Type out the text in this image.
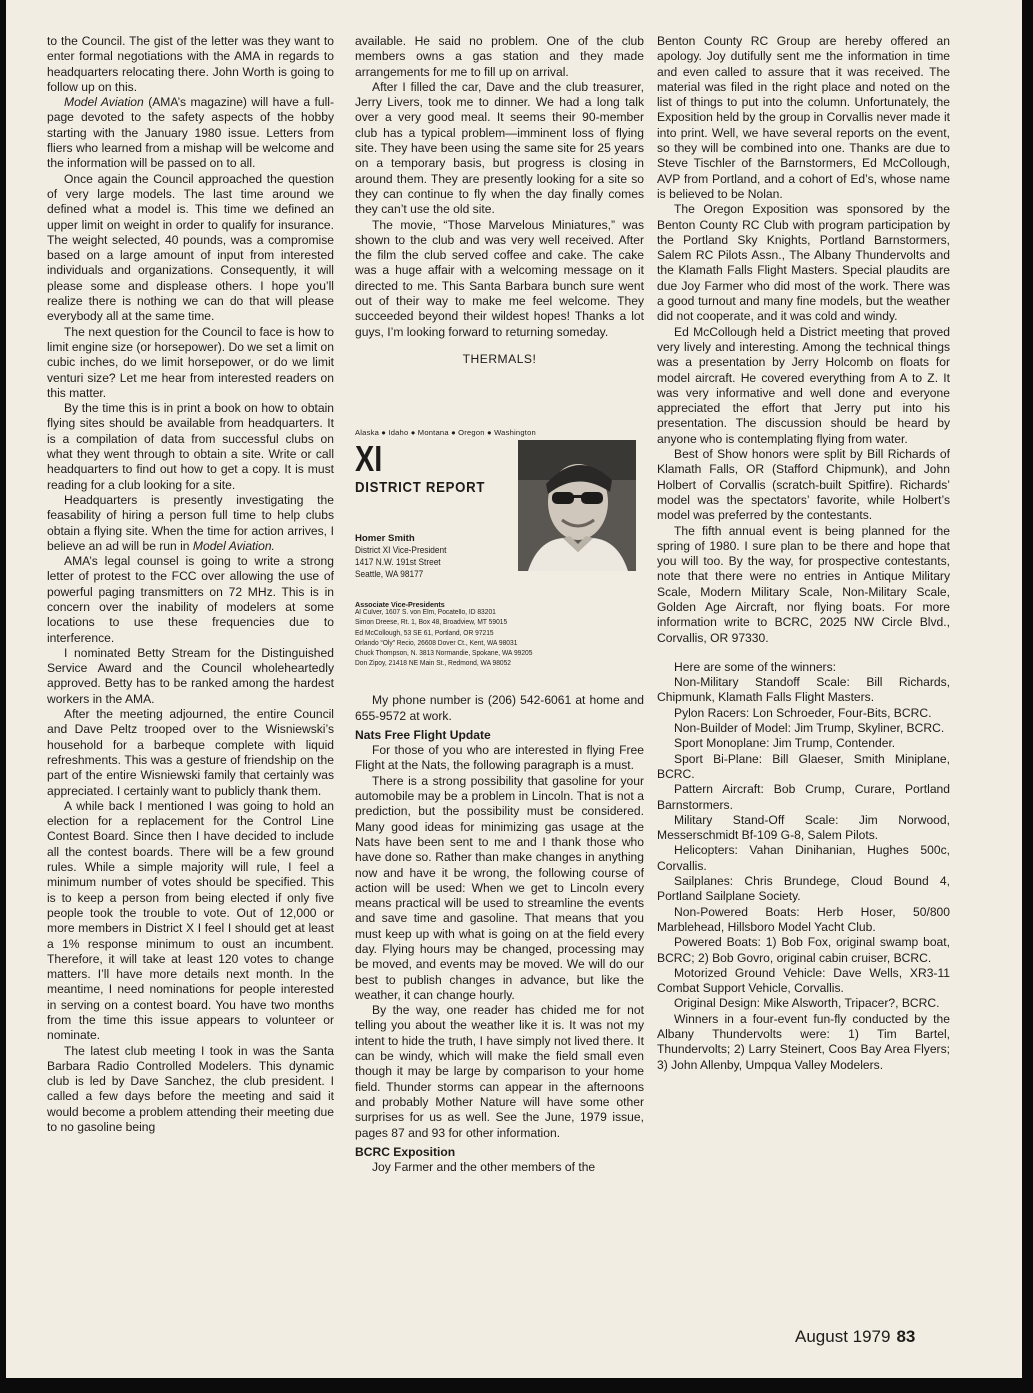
to the Council. The gist of the letter was they want to enter formal negotiations with the AMA in regards to headquarters relocating there. John Worth is going to follow up on this.

Model Aviation (AMA’s magazine) will have a full-page devoted to the safety aspects of the hobby starting with the January 1980 issue. Letters from fliers who learned from a mishap will be welcome and the information will be passed on to all.

Once again the Council approached the question of very large models. The last time around we defined what a model is. This time we defined an upper limit on weight in order to qualify for insurance. The weight selected, 40 pounds, was a compromise based on a large amount of input from interested individuals and organizations. Consequently, it will please some and displease others. I hope you’ll realize there is nothing we can do that will please everybody all at the same time.

The next question for the Council to face is how to limit engine size (or horsepower). Do we set a limit on cubic inches, do we limit horsepower, or do we limit venturi size? Let me hear from interested readers on this matter.

By the time this is in print a book on how to obtain flying sites should be available from headquarters. It is a compilation of data from successful clubs on what they went through to obtain a site. Write or call headquarters to find out how to get a copy. It is must reading for a club looking for a site.

Headquarters is presently investigating the feasability of hiring a person full time to help clubs obtain a flying site. When the time for action arrives, I believe an ad will be run in Model Aviation.

AMA’s legal counsel is going to write a strong letter of protest to the FCC over allowing the use of powerful paging transmitters on 72 MHz. This is in concern over the inability of modelers at some locations to use these frequencies due to interference.

I nominated Betty Stream for the Distinguished Service Award and the Council wholeheartedly approved. Betty has to be ranked among the hardest workers in the AMA.

After the meeting adjourned, the entire Council and Dave Peltz trooped over to the Wisniewski’s household for a barbeque complete with liquid refreshments. This was a gesture of friendship on the part of the entire Wisniewski family that certainly was appreciated. I certainly want to publicly thank them.

A while back I mentioned I was going to hold an election for a replacement for the Control Line Contest Board. Since then I have decided to include all the contest boards. There will be a few ground rules. While a simple majority will rule, I feel a minimum number of votes should be specified. This is to keep a person from being elected if only five people took the trouble to vote. Out of 12,000 or more members in District X I feel I should get at least a 1% response minimum to oust an incumbent. Therefore, it will take at least 120 votes to change matters. I’ll have more details next month. In the meantime, I need nominations for people interested in serving on a contest board. You have two months from the time this issue appears to volunteer or nominate.

The latest club meeting I took in was the Santa Barbara Radio Controlled Modelers. This dynamic club is led by Dave Sanchez, the club president. I called a few days before the meeting and said it would become a problem attending their meeting due to no gasoline being

available. He said no problem. One of the club members owns a gas station and they made arrangements for me to fill up on arrival.

After I filled the car, Dave and the club treasurer, Jerry Livers, took me to dinner. We had a long talk over a very good meal. It seems their 90-member club has a typical problem—imminent loss of flying site. They have been using the same site for 25 years on a temporary basis, but progress is closing in around them. They are presently looking for a site so they can continue to fly when the day finally comes they can’t use the old site.

The movie, “Those Marvelous Miniatures,” was shown to the club and was very well received. After the film the club served coffee and cake. The cake was a huge affair with a welcoming message on it directed to me. This Santa Barbara bunch sure went out of their way to make me feel welcome. They succeeded beyond their wildest hopes! Thanks a lot guys, I’m looking forward to returning someday.

THERMALS!

Alaska ● Idaho ● Montana ● Oregon ● Washington
XI
DISTRICT REPORT
Homer Smith
District XI Vice-President
1417 N.W. 191st Street
Seattle, WA 98177
Associate Vice-Presidents
Al Culver, 1607 S. von Elm, Pocatello, ID 83201
Simon Dreese, Rt. 1, Box 48, Broadview, MT 59015
Ed McCollough, 53 SE 61, Portland, OR 97215
Orlando “Oly” Recio, 26608 Dover Ct., Kent, WA 98031
Chuck Thompson, N. 3813 Normandie, Spokane, WA 99205
Don Zipoy, 21418 NE Main St., Redmond, WA 98052

My phone number is (206) 542-6061 at home and 655-9572 at work.

Nats Free Flight Update

For those of you who are interested in flying Free Flight at the Nats, the following paragraph is a must.

There is a strong possibility that gasoline for your automobile may be a problem in Lincoln. That is not a prediction, but the possibility must be considered. Many good ideas for minimizing gas usage at the Nats have been sent to me and I thank those who have done so. Rather than make changes in anything now and have it be wrong, the following course of action will be used: When we get to Lincoln every means practical will be used to streamline the events and save time and gasoline. That means that you must keep up with what is going on at the field every day. Flying hours may be changed, processing may be moved, and events may be moved. We will do our best to publish changes in advance, but like the weather, it can change hourly.

By the way, one reader has chided me for not telling you about the weather like it is. It was not my intent to hide the truth, I have simply not lived there. It can be windy, which will make the field small even though it may be large by comparison to your home field. Thunder storms can appear in the afternoons and probably Mother Nature will have some other surprises for us as well. See the June, 1979 issue, pages 87 and 93 for other information.

BCRC Exposition

Joy Farmer and the other members of the

Benton County RC Group are hereby offered an apology. Joy dutifully sent me the information in time and even called to assure that it was received. The material was filed in the right place and noted on the list of things to put into the column. Unfortunately, the Exposition held by the group in Corvallis never made it into print. Well, we have several reports on the event, so they will be combined into one. Thanks are due to Steve Tischler of the Barnstormers, Ed McCollough, AVP from Portland, and a cohort of Ed’s, whose name is believed to be Nolan.

The Oregon Exposition was sponsored by the Benton County RC Club with program participation by the Portland Sky Knights, Portland Barnstormers, Salem RC Pilots Assn., The Albany Thundervolts and the Klamath Falls Flight Masters. Special plaudits are due Joy Farmer who did most of the work. There was a good turnout and many fine models, but the weather did not cooperate, and it was cold and windy.

Ed McCollough held a District meeting that proved very lively and interesting. Among the technical things was a presentation by Jerry Holcomb on floats for model aircraft. He covered everything from A to Z. It was very informative and well done and everyone appreciated the effort that Jerry put into his presentation. The discussion should be heard by anyone who is contemplating flying from water.

Best of Show honors were split by Bill Richards of Klamath Falls, OR (Stafford Chipmunk), and John Holbert of Corvallis (scratch-built Spitfire). Richards’ model was the spectators’ favorite, while Holbert’s model was preferred by the contestants.

The fifth annual event is being planned for the spring of 1980. I sure plan to be there and hope that you will too. By the way, for prospective contestants, note that there were no entries in Antique Military Scale, Modern Military Scale, Non-Military Scale, Golden Age Aircraft, nor flying boats. For more information write to BCRC, 2025 NW Circle Blvd., Corvallis, OR 97330.

Here are some of the winners:

Non-Military Standoff Scale: Bill Richards, Chipmunk, Klamath Falls Flight Masters.

Pylon Racers: Lon Schroeder, Four-Bits, BCRC.

Non-Builder of Model: Jim Trump, Skyliner, BCRC.

Sport Monoplane: Jim Trump, Contender.

Sport Bi-Plane: Bill Glaeser, Smith Miniplane, BCRC.

Pattern Aircraft: Bob Crump, Curare, Portland Barnstormers.

Military Stand-Off Scale: Jim Norwood, Messerschmidt Bf-109 G-8, Salem Pilots.

Helicopters: Vahan Dinihanian, Hughes 500c, Corvallis.

Sailplanes: Chris Brundege, Cloud Bound 4, Portland Sailplane Society.

Non-Powered Boats: Herb Hoser, 50/800 Marblehead, Hillsboro Model Yacht Club.

Powered Boats: 1) Bob Fox, original swamp boat, BCRC; 2) Bob Govro, original cabin cruiser, BCRC.

Motorized Ground Vehicle: Dave Wells, XR3-11 Combat Support Vehicle, Corvallis.

Original Design: Mike Alsworth, Tripacer?, BCRC.

Winners in a four-event fun-fly conducted by the Albany Thundervolts were: 1) Tim Bartel, Thundervolts; 2) Larry Steinert, Coos Bay Area Flyers; 3) John Allenby, Umpqua Valley Modelers.

August 1979 83
